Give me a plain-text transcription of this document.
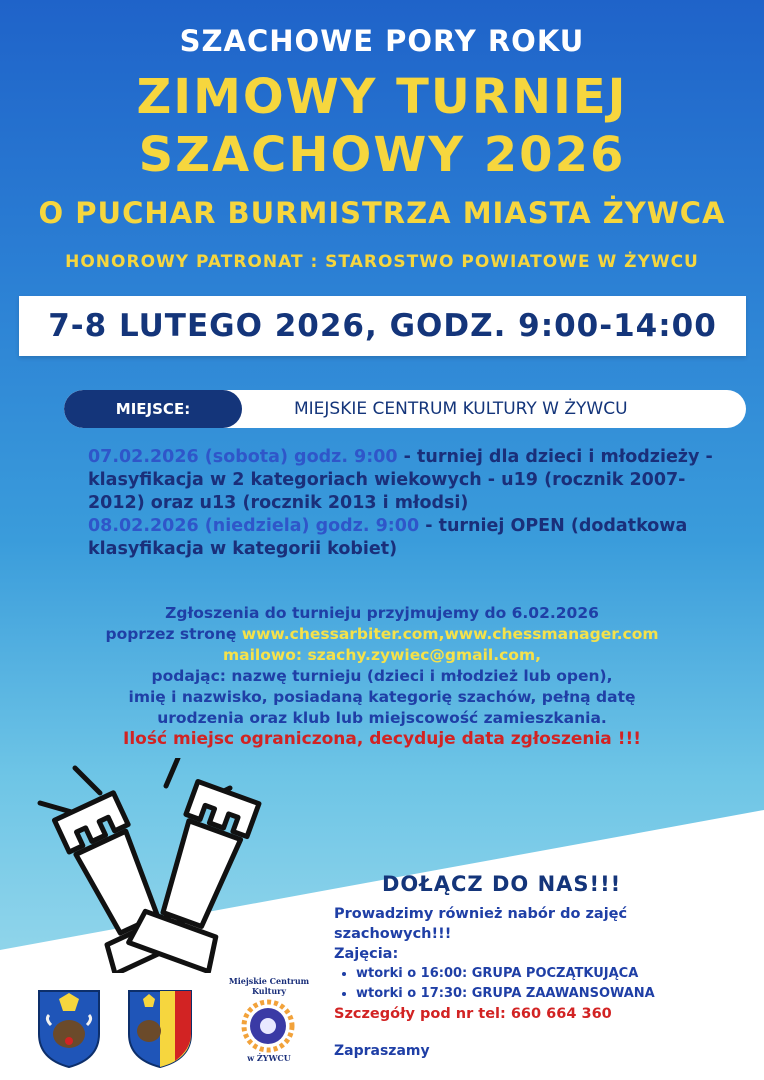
SZACHOWE PORY ROKU
ZIMOWY TURNIEJ
SZACHOWY 2026
O PUCHAR BURMISTRZA MIASTA ŻYWCA
HONOROWY PATRONAT : STAROSTWO POWIATOWE W ŻYWCU
7-8 LUTEGO 2026, GODZ. 9:00-14:00
MIEJSCE:	MIEJSKIE CENTRUM KULTURY W ŻYWCU

07.02.2026 (sobota) godz. 9:00 - turniej dla dzieci i młodzieży - klasyfikacja w 2 kategoriach wiekowych - u19 (rocznik 2007-2012) oraz u13 (rocznik 2013 i młodsi)

08.02.2026 (niedziela) godz. 9:00 - turniej OPEN (dodatkowa klasyfikacja w kategorii kobiet)

Zgłoszenia do turnieju przyjmujemy do 6.02.2026

poprzez stronę www.chessarbiter.com,www.chessmanager.com

mailowo: szachy.zywiec@gmail.com,

podając: nazwę turnieju (dzieci i młodzież lub open),

imię i nazwisko, posiadaną kategorię szachów, pełną datę

urodzenia oraz klub lub miejscowość zamieszkania.

Ilość miejsc ograniczona, decyduje data zgłoszenia !!!

w ŻYWCU
Miejskie Centrum Kultury
DOŁĄCZ DO NAS!!!

Prowadzimy również nabór do zajęć szachowych!!!

Zajęcia:

• wtorki o 16:00: GRUPA POCZĄTKUJĄCA
• wtorki o 17:30: GRUPA ZAAWANSOWANA

Szczegóły pod nr tel: 660 664 360

Zapraszamy
